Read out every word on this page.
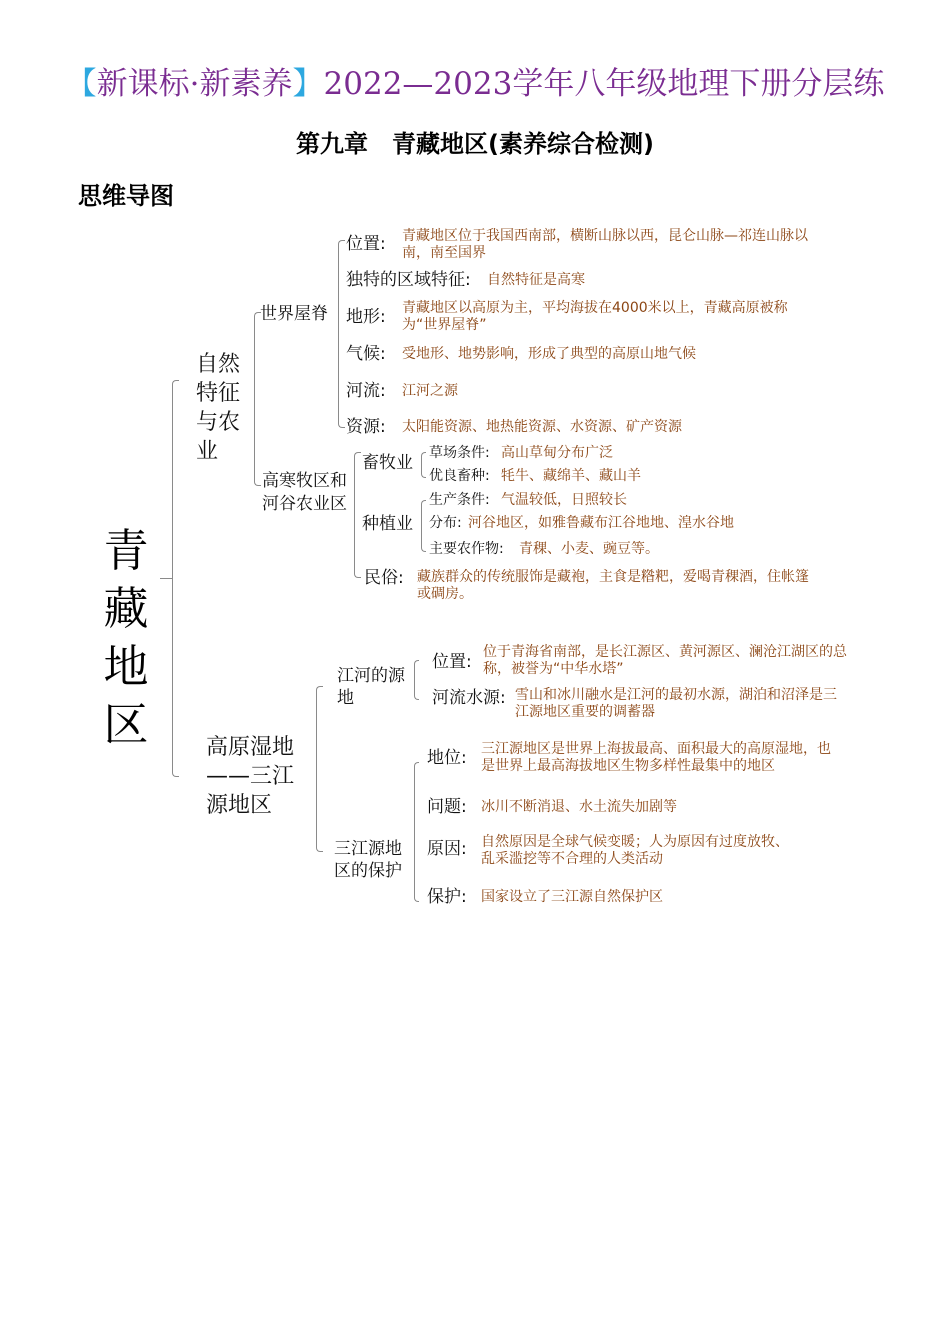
【新课标·新素养】2022—2023学年八年级地理下册分层练
第九章　青藏地区(素养综合检测)
思维导图
青
藏
地
区
自然特征与农业
世界屋脊
位置: 青藏地区位于我国西南部，横断山脉以西，昆仑山脉—祁连山脉以南，南至国界
独特的区域特征: 自然特征是高寒
地形: 青藏地区以高原为主，平均海拔在4000米以上，青藏高原被称为“世界屋脊”
气候: 受地形、地势影响，形成了典型的高原山地气候
河流: 江河之源
资源: 太阳能资源、地热能资源、水资源、矿产资源
高寒牧区和
河谷农业区
畜牧业 草场条件: 高山草甸分布广泛
优良畜种: 牦牛、藏绵羊、藏山羊
种植业
生产条件: 气温较低，日照较长
分布: 河谷地区，如雅鲁藏布江谷地地、湟水谷地
主要农作物: 青稞、小麦、豌豆等。
民俗: 藏族群众的传统服饰是藏袍，主食是糌粑，爱喝青稞酒，住帐篷或碉房。
高原湿地——三江源地区
江河的源地
位置: 位于青海省南部，是长江源区、黄河源区、澜沧江湖区的总称，被誉为“中华水塔”
河流水源: 雪山和冰川融水是江河的最初水源，湖泊和沼泽是三江源地区重要的调蓄器
三江源地区的保护
地位: 三江源地区是世界上海拔最高、面积最大的高原湿地，也是世界上最高海拔地区生物多样性最集中的地区
问题: 冰川不断消退、水土流失加剧等
原因: 自然原因是全球气候变暖；人为原因有过度放牧、乱采滥挖等不合理的人类活动
保护: 国家设立了三江源自然保护区
